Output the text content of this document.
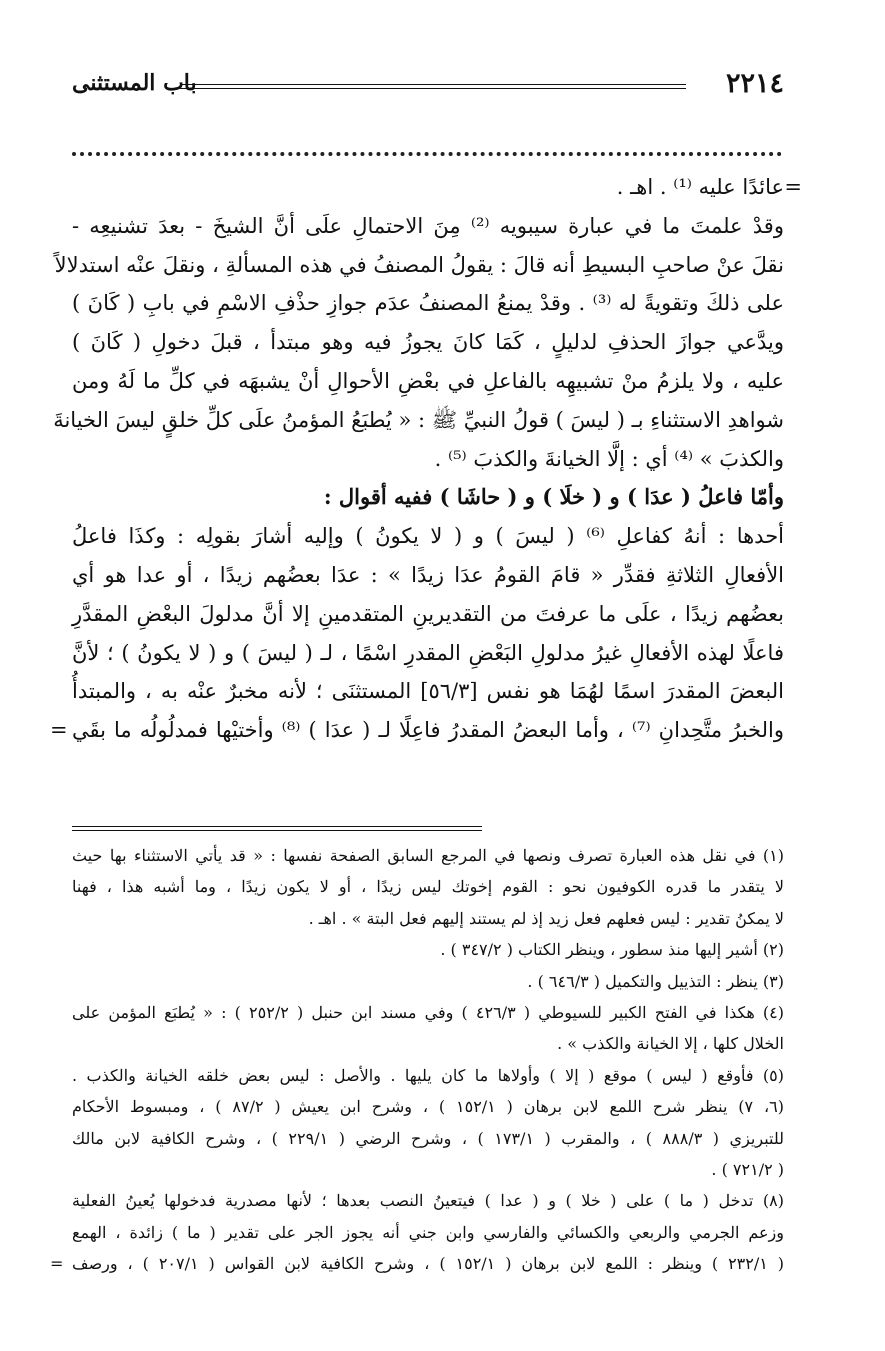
٢٢١٤
باب المستثنى
عائدًا عليه ⁽¹⁾ . اهـ . =
وقدْ علمتَ ما في عبارة سيبويه ⁽²⁾ مِنَ الاحتمالِ علَى أنَّ الشيخَ - بعدَ تشنيعِه -
نقلَ عنْ صاحبِ البسيطِ أنه قالَ : يقولُ المصنفُ في هذه المسألةِ ، ونقلَ عنْه استدلالاً
على ذلكَ وتقويةً له ⁽³⁾ . وقدْ يمنعُ المصنفُ عدَم جوازِ حذْفِ الاسْمِ في بابِ ( كَانَ )
ويدَّعي جوازَ الحذفِ لدليلٍ ، كَمَا كانَ يجوزُ فيه وهو مبتدأ ، قبلَ دخولِ ( كَانَ )
عليه ، ولا يلزمُ منْ تشبيهِه بالفاعلِ في بعْضِ الأحوالِ أنْ يشبهَه في كلِّ ما لَهُ ومن
شواهدِ الاستثناءِ بـ ( ليسَ ) قولُ النبيِّ ﷺ : « يُطبَعُ المؤمنُ علَى كلِّ خلقٍ ليسَ الخيانةَ
والكذبَ » ⁽⁴⁾ أي : إلَّا الخيانةَ والكذبَ ⁽⁵⁾ .
وأمّا فاعلُ ( عدَا ) و ( خلَا ) و ( حاشَا ) ففيه أقوال :
أحدها : أنهُ كفاعلِ ⁽⁶⁾ ( ليسَ ) و ( لا يكونُ ) وإليه أشارَ بقولِه : وكذَا فاعلُ
الأفعالِ الثلاثةِ فقدِّر « قامَ القومُ عدَا زيدًا » : عدَا بعضُهم زيدًا ، أو عدا هو أي
بعضُهم زيدًا ، علَى ما عرفتَ من التقديرينِ المتقدمينِ إلا أنَّ مدلولَ البعْضِ المقدَّرِ
فاعلًا لهذه الأفعالِ غيرُ مدلولِ البَعْضِ المقدرِ اسْمًا ، لـ ( ليسَ ) و ( لا يكونُ ) ؛ لأنَّ
البعضَ المقدرَ اسمًا لهُمَا هو نفس [٥٦/٣] المستثنَى ؛ لأنه مخبرٌ عنْه به ، والمبتدأُ
والخبرُ متَّحِدانِ ⁽⁷⁾ ، وأما البعضُ المقدرُ فاعِلًا لـ ( عدَا ) ⁽⁸⁾ وأختيْها فمدلُولُه ما بقَي
=
(١) في نقل هذه العبارة تصرف ونصها في المرجع السابق الصفحة نفسها : « قد يأتي الاستثناء بها حيث
لا يتقدر ما قدره الكوفيون نحو : القوم إخوتك ليس زيدًا ، أو لا يكون زيدًا ، وما أشبه هذا ، فهنا
لا يمكنُ تقدير : ليس فعلهم فعل زيد إذ لم يستند إليهم فعل البتة » . اهـ .
(٢) أشير إليها منذ سطور ، وينظر الكتاب ( ٣٤٧/٢ ) .
(٣) ينظر : التذييل والتكميل ( ٦٤٦/٣ ) .
(٤) هكذا في الفتح الكبير للسيوطي ( ٤٢٦/٣ ) وفي مسند ابن حنبل ( ٢٥٢/٢ ) : « يُطبَع المؤمن على
الخلال كلها ، إلا الخيانة والكذب » .
(٥) فأوقع ( ليس ) موقع ( إلا ) وأولاها ما كان يليها . والأصل : ليس بعض خلقه الخيانة والكذب .
(٦، ٧) ينظر شرح اللمع لابن برهان ( ١٥٢/١ ) ، وشرح ابن يعيش ( ٨٧/٢ ) ، ومبسوط الأحكام
للتبريزي ( ٨٨٨/٣ ) ، والمقرب ( ١٧٣/١ ) ، وشرح الرضي ( ٢٢٩/١ ) ، وشرح الكافية لابن مالك
( ٧٢١/٢ ) .
(٨) تدخل ( ما ) على ( خلا ) و ( عدا ) فيتعينُ النصب بعدها ؛ لأنها مصدرية فدخولها يُعينُ الفعلية
وزعم الجرمي والربعي والكسائي والفارسي وابن جني أنه يجوز الجر على تقدير ( ما ) زائدة ، الهمع
( ٢٣٢/١ ) وينظر : اللمع لابن برهان ( ١٥٢/١ ) ، وشرح الكافية لابن القواس ( ٢٠٧/١ ) ، ورصف
=
